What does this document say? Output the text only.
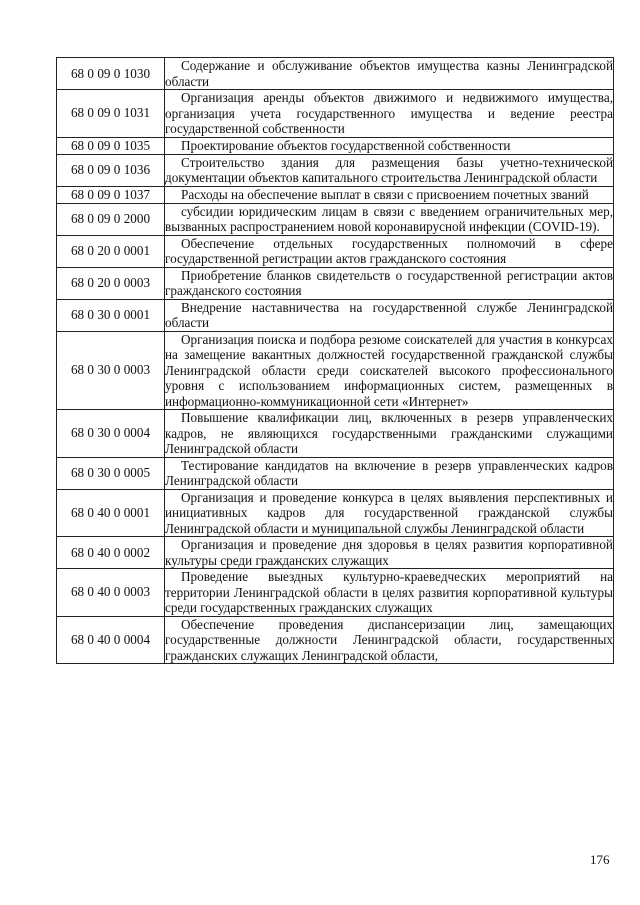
68 0 09 0 1030	Содержание и обслуживание объектов имущества казны Ленинградской области
68 0 09 0 1031	Организация аренды объектов движимого и недвижимого имущества, организация учета государственного имущества и ведение реестра государственной собственности
68 0 09 0 1035	Проектирование объектов государственной собственности
68 0 09 0 1036	Строительство здания для размещения базы учетно-технической документации объектов капитального строительства Ленинградской области
68 0 09 0 1037	Расходы на обеспечение выплат в связи с присвоением почетных званий
68 0 09 0 2000	субсидии юридическим лицам в связи с введением ограничительных мер, вызванных распространением новой коронавирусной инфекции (COVID-19).
68 0 20 0 0001	Обеспечение отдельных государственных полномочий в сфере государственной регистрации актов гражданского состояния
68 0 20 0 0003	Приобретение бланков свидетельств о государственной регистрации актов гражданского состояния
68 0 30 0 0001	Внедрение наставничества на государственной службе Ленинградской области
68 0 30 0 0003	Организация поиска и подбора резюме соискателей для участия в конкурсах на замещение вакантных должностей государственной гражданской службы Ленинградской области среди соискателей высокого профессионального уровня с использованием информационных систем, размещенных в информационно-коммуникационной сети «Интернет»
68 0 30 0 0004	Повышение квалификации лиц, включенных в резерв управленческих кадров, не являющихся государственными гражданскими служащими Ленинградской области
68 0 30 0 0005	Тестирование кандидатов на включение в резерв управленческих кадров Ленинградской области
68 0 40 0 0001	Организация и проведение конкурса в целях выявления перспективных и инициативных кадров для государственной гражданской службы Ленинградской области и муниципальной службы Ленинградской области
68 0 40 0 0002	Организация и проведение дня здоровья в целях развития корпоративной культуры среди гражданских служащих
68 0 40 0 0003	Проведение выездных культурно-краеведческих мероприятий на территории Ленинградской области в целях развития корпоративной культуры среди государственных гражданских служащих
68 0 40 0 0004	Обеспечение проведения диспансеризации лиц, замещающих государственные должности Ленинградской области, государственных гражданских служащих Ленинградской области,
176
